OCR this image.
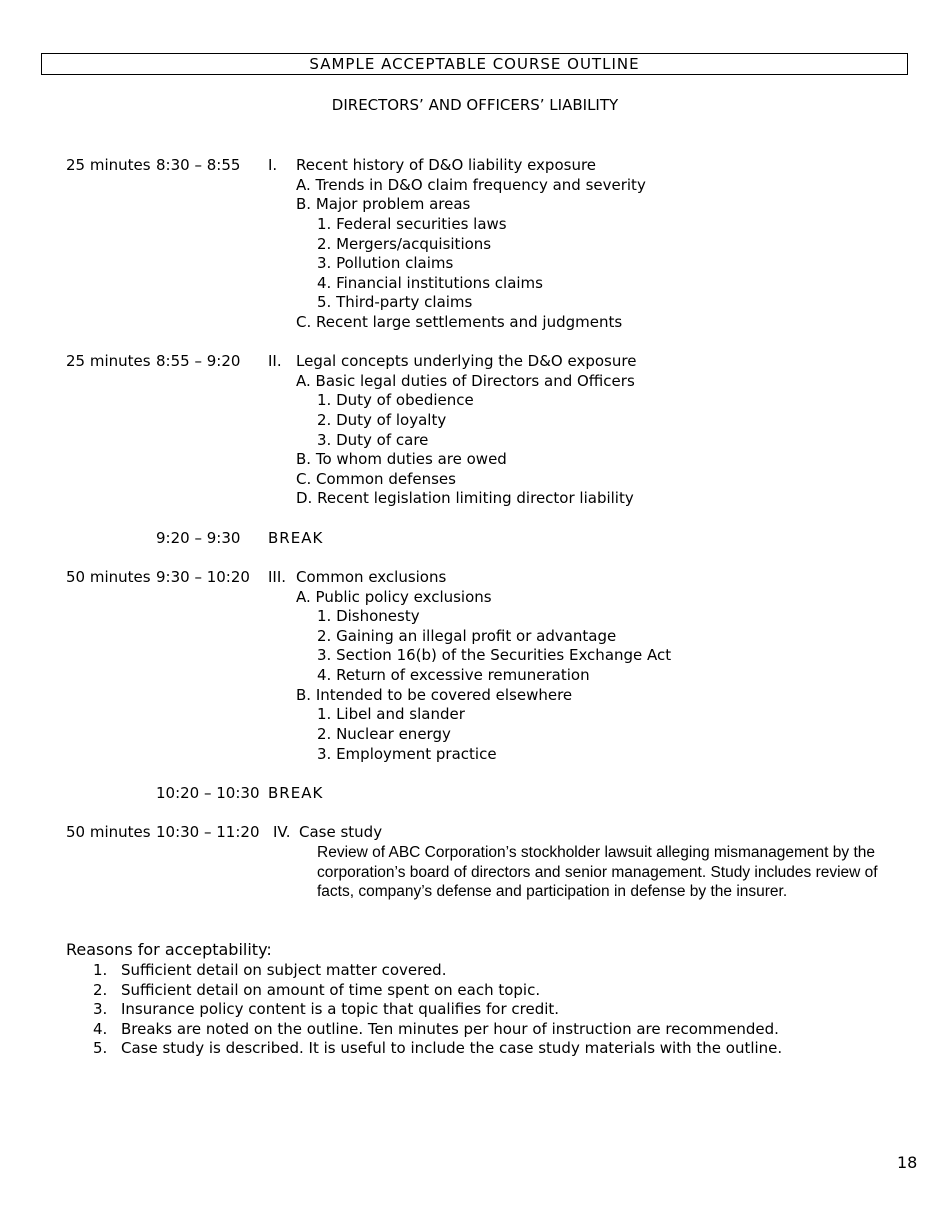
SAMPLE ACCEPTABLE COURSE OUTLINE
DIRECTORS’ AND OFFICERS’ LIABILITY
25 minutes 8:30 – 8:55 I. Recent history of D&O liability exposure
A. Trends in D&O claim frequency and severity
B. Major problem areas
1. Federal securities laws
2. Mergers/acquisitions
3. Pollution claims
4. Financial institutions claims
5. Third-party claims
C. Recent large settlements and judgments
25 minutes 8:55 – 9:20 II. Legal concepts underlying the D&O exposure
A. Basic legal duties of Directors and Officers
1. Duty of obedience
2. Duty of loyalty
3. Duty of care
B. To whom duties are owed
C. Common defenses
D. Recent legislation limiting director liability
9:20 – 9:30 BREAK
50 minutes 9:30 – 10:20 III. Common exclusions
A. Public policy exclusions
1. Dishonesty
2. Gaining an illegal profit or advantage
3. Section 16(b) of the Securities Exchange Act
4. Return of excessive remuneration
B. Intended to be covered elsewhere
1. Libel and slander
2. Nuclear energy
3. Employment practice
10:20 – 10:30 BREAK
50 minutes 10:30 – 11:20 IV. Case study
Review of ABC Corporation’s stockholder lawsuit alleging mismanagement by the corporation’s board of directors and senior management. Study includes review of facts, company’s defense and participation in defense by the insurer.
Reasons for acceptability:
1. Sufficient detail on subject matter covered.
2. Sufficient detail on amount of time spent on each topic.
3. Insurance policy content is a topic that qualifies for credit.
4. Breaks are noted on the outline. Ten minutes per hour of instruction are recommended.
5. Case study is described. It is useful to include the case study materials with the outline.
18
